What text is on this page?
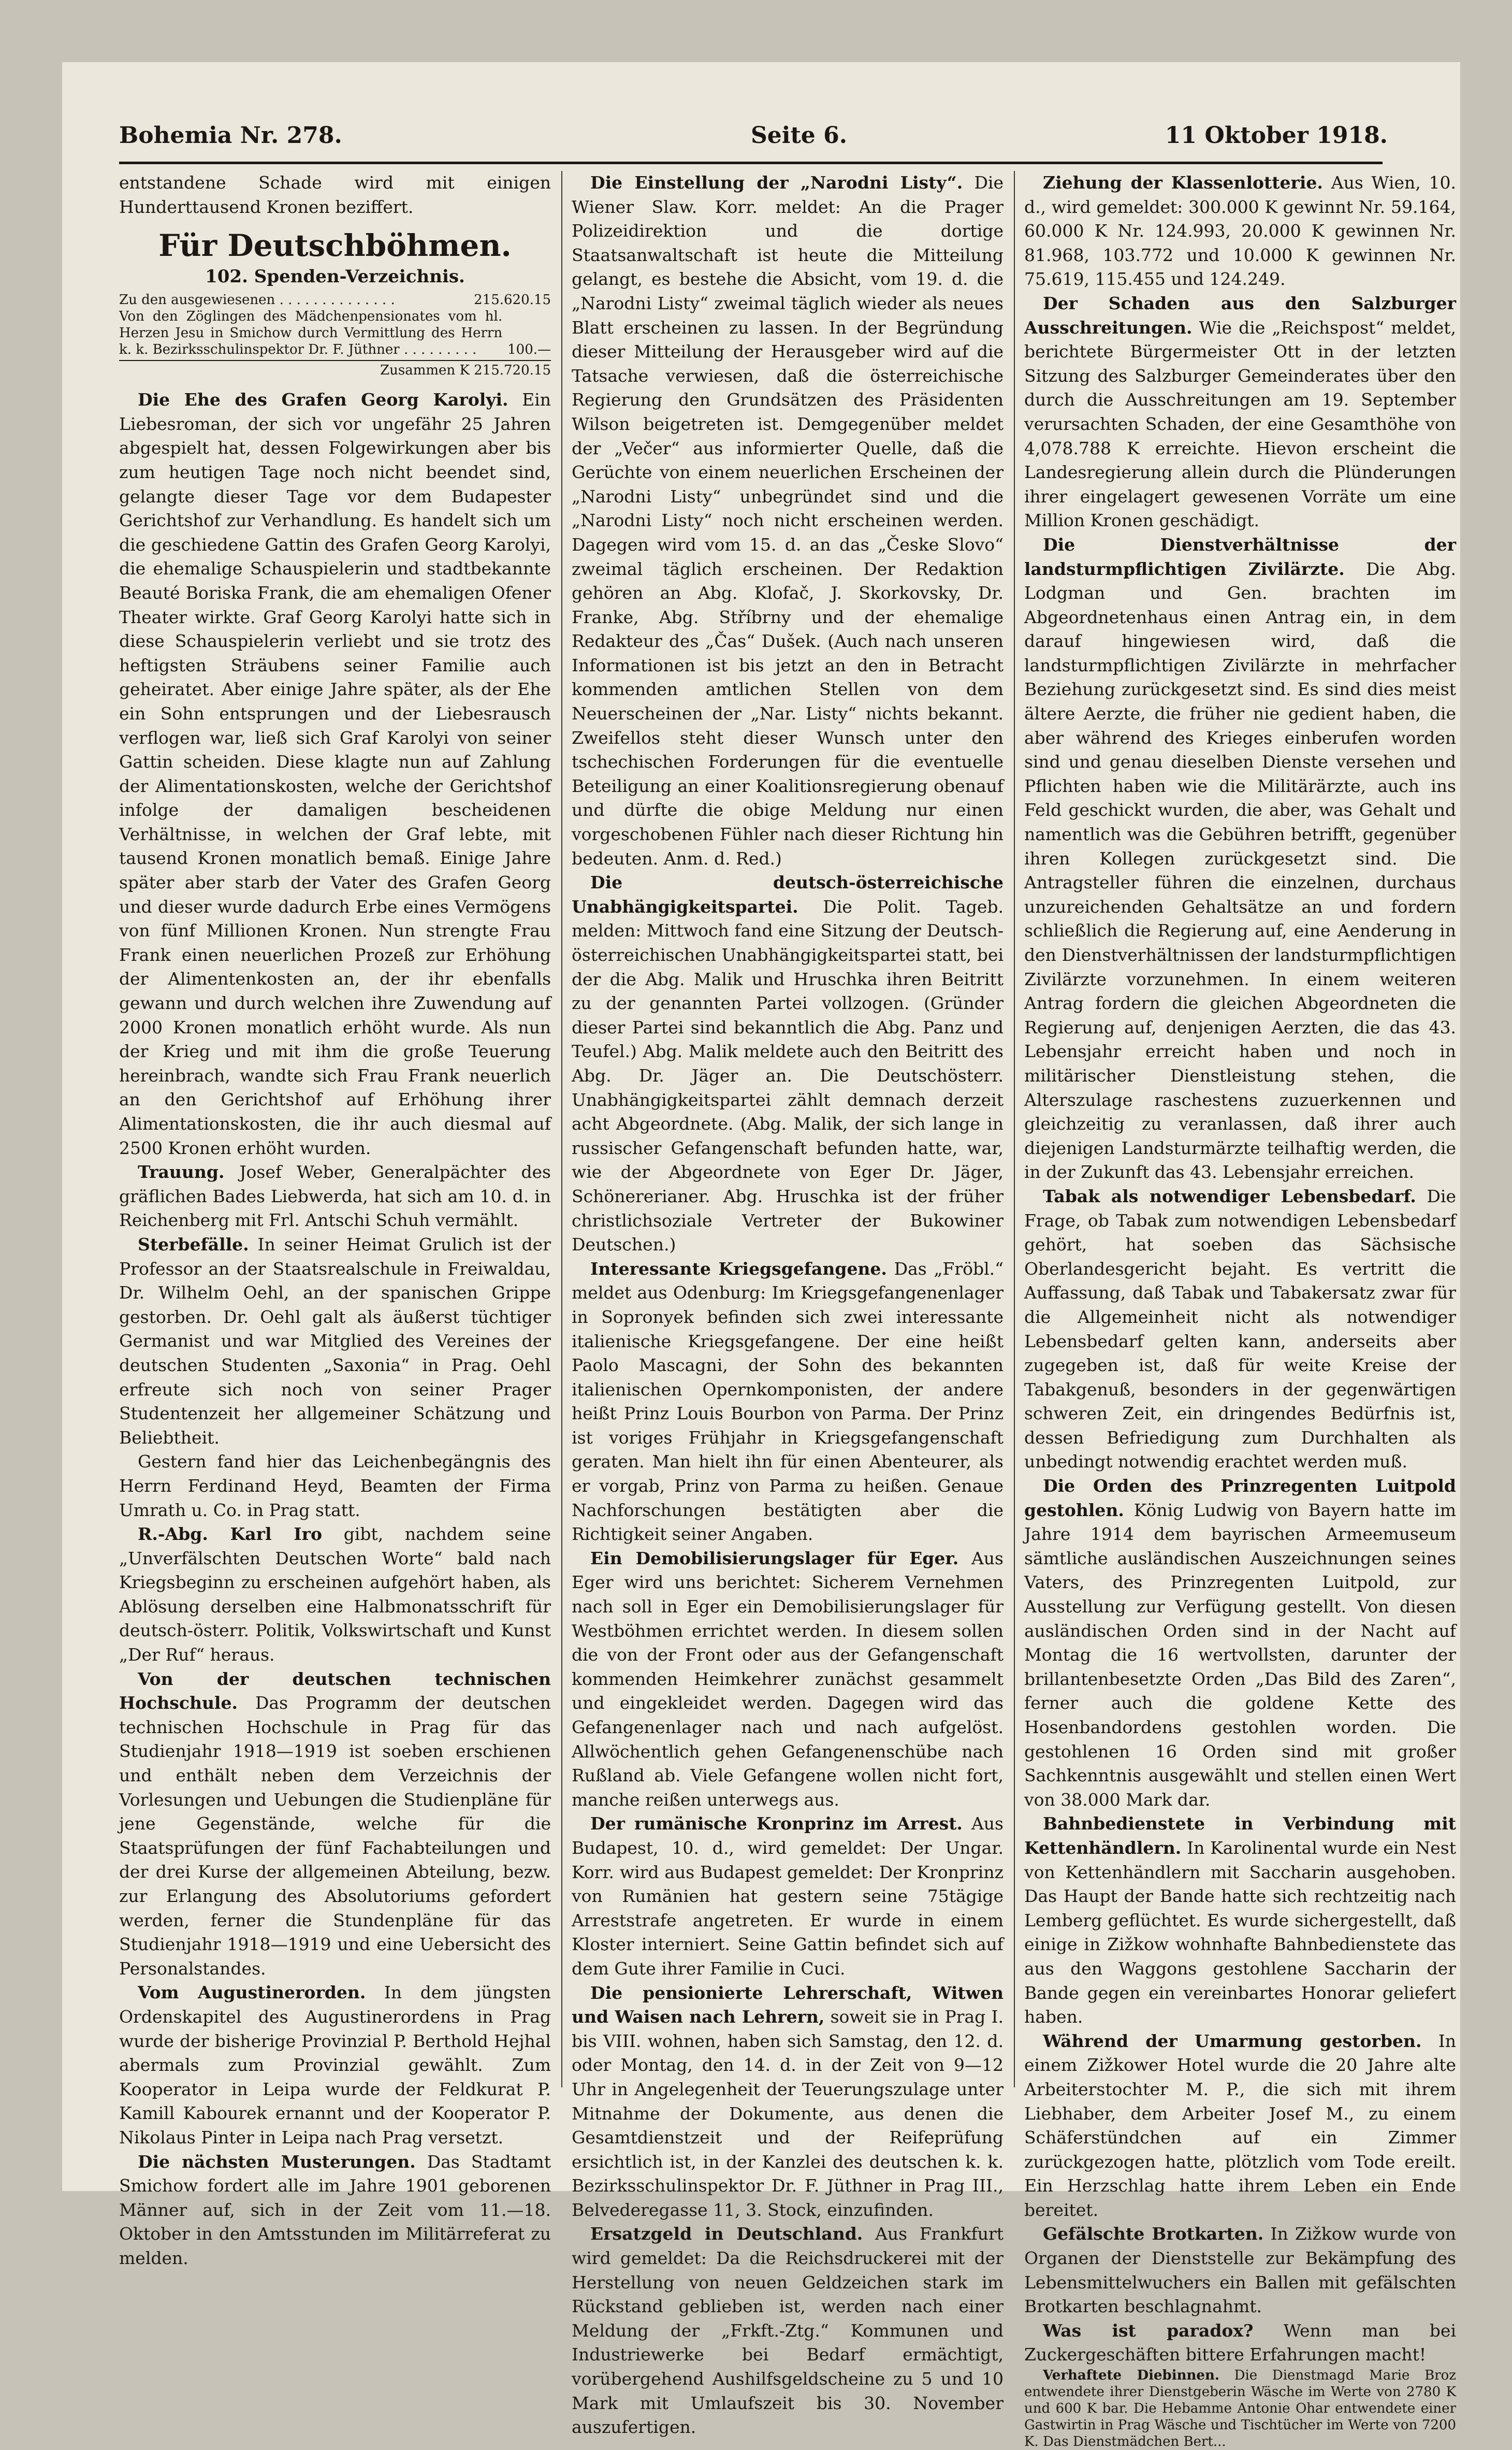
Bohemia Nr. 278.	Seite 6.	11 Oktober 1918.

entstandene Schade wird mit einigen Hunderttausend Kronen beziffert.

Für Deutschböhmen.
102. Spenden-Verzeichnis.
Zu den ausgewiesenen . . . . . . . . . . . . . .	215.620.15
Von den Zöglingen des Mädchenpensionates vom hl. Herzen Jesu in Smichow durch Vermittlung des Herrn k. k. Bezirksschulinspektor Dr. F. Jüthner . . . . . . . . .	100.—
Zusammen K 215.720.15

Die Ehe des Grafen Georg Karolyi. Ein Liebesroman, der sich vor ungefähr 25 Jahren abgespielt hat, dessen Folgewirkungen aber bis zum heutigen Tage noch nicht beendet sind, gelangte dieser Tage vor dem Budapester Gerichtshof zur Verhandlung. Es handelt sich um die geschiedene Gattin des Grafen Georg Karolyi, die ehemalige Schauspielerin und stadtbekannte Beauté Boriska Frank, die am ehemaligen Ofener Theater wirkte. Graf Georg Karolyi hatte sich in diese Schauspielerin verliebt und sie trotz des heftigsten Sträubens seiner Familie auch geheiratet. Aber einige Jahre später, als der Ehe ein Sohn entsprungen und der Liebesrausch verflogen war, ließ sich Graf Karolyi von seiner Gattin scheiden. Diese klagte nun auf Zahlung der Alimentationskosten, welche der Gerichtshof infolge der damaligen bescheidenen Verhältnisse, in welchen der Graf lebte, mit tausend Kronen monatlich bemaß. Einige Jahre später aber starb der Vater des Grafen Georg und dieser wurde dadurch Erbe eines Vermögens von fünf Millionen Kronen. Nun strengte Frau Frank einen neuerlichen Prozeß zur Erhöhung der Alimentenkosten an, der ihr ebenfalls gewann und durch welchen ihre Zuwendung auf 2000 Kronen monatlich erhöht wurde. Als nun der Krieg und mit ihm die große Teuerung hereinbrach, wandte sich Frau Frank neuerlich an den Gerichtshof auf Erhöhung ihrer Alimentationskosten, die ihr auch diesmal auf 2500 Kronen erhöht wurden.

Trauung. Josef Weber, Generalpächter des gräflichen Bades Liebwerda, hat sich am 10. d. in Reichenberg mit Frl. Antschi Schuh vermählt.

Sterbefälle. In seiner Heimat Grulich ist der Professor an der Staatsrealschule in Freiwaldau, Dr. Wilhelm Oehl, an der spanischen Grippe gestorben. Dr. Oehl galt als äußerst tüchtiger Germanist und war Mitglied des Vereines der deutschen Studenten „Saxonia“ in Prag. Oehl erfreute sich noch von seiner Prager Studentenzeit her allgemeiner Schätzung und Beliebtheit.

Gestern fand hier das Leichenbegängnis des Herrn Ferdinand Heyd, Beamten der Firma Umrath u. Co. in Prag statt.

R.-Abg. Karl Iro gibt, nachdem seine „Unverfälschten Deutschen Worte“ bald nach Kriegsbeginn zu erscheinen aufgehört haben, als Ablösung derselben eine Halbmonatsschrift für deutsch-österr. Politik, Volkswirtschaft und Kunst „Der Ruf“ heraus.

Von der deutschen technischen Hochschule. Das Programm der deutschen technischen Hochschule in Prag für das Studienjahr 1918—1919 ist soeben erschienen und enthält neben dem Verzeichnis der Vorlesungen und Uebungen die Studienpläne für jene Gegenstände, welche für die Staatsprüfungen der fünf Fachabteilungen und der drei Kurse der allgemeinen Abteilung, bezw. zur Erlangung des Absolutoriums gefordert werden, ferner die Stundenpläne für das Studienjahr 1918—1919 und eine Uebersicht des Personalstandes.

Vom Augustinerorden. In dem jüngsten Ordenskapitel des Augustinerordens in Prag wurde der bisherige Provinzial P. Berthold Hejhal abermals zum Provinzial gewählt. Zum Kooperator in Leipa wurde der Feldkurat P. Kamill Kabourek ernannt und der Kooperator P. Nikolaus Pinter in Leipa nach Prag versetzt.

Die nächsten Musterungen. Das Stadtamt Smichow fordert alle im Jahre 1901 geborenen Männer auf, sich in der Zeit vom 11.—18. Oktober in den Amtsstunden im Militärreferat zu melden.

Die Einstellung der „Narodni Listy“. Die Wiener Slaw. Korr. meldet: An die Prager Polizeidirektion und die dortige Staatsanwaltschaft ist heute die Mitteilung gelangt, es bestehe die Absicht, vom 19. d. die „Narodni Listy“ zweimal täglich wieder als neues Blatt erscheinen zu lassen. In der Begründung dieser Mitteilung der Herausgeber wird auf die Tatsache verwiesen, daß die österreichische Regierung den Grundsätzen des Präsidenten Wilson beigetreten ist. Demgegenüber meldet der „Večer“ aus informierter Quelle, daß die Gerüchte von einem neuerlichen Erscheinen der „Narodni Listy“ unbegründet sind und die „Narodni Listy“ noch nicht erscheinen werden. Dagegen wird vom 15. d. an das „Česke Slovo“ zweimal täglich erscheinen. Der Redaktion gehören an Abg. Klofač, J. Skorkovsky, Dr. Franke, Abg. Stříbrny und der ehemalige Redakteur des „Čas“ Dušek. (Auch nach unseren Informationen ist bis jetzt an den in Betracht kommenden amtlichen Stellen von dem Neuerscheinen der „Nar. Listy“ nichts bekannt. Zweifellos steht dieser Wunsch unter den tschechischen Forderungen für die eventuelle Beteiligung an einer Koalitionsregierung obenauf und dürfte die obige Meldung nur einen vorgeschobenen Fühler nach dieser Richtung hin bedeuten. Anm. d. Red.)

Die deutsch-österreichische Unabhängigkeitspartei. Die Polit. Tageb. melden: Mittwoch fand eine Sitzung der Deutsch-österreichischen Unabhängigkeitspartei statt, bei der die Abg. Malik und Hruschka ihren Beitritt zu der genannten Partei vollzogen. (Gründer dieser Partei sind bekanntlich die Abg. Panz und Teufel.) Abg. Malik meldete auch den Beitritt des Abg. Dr. Jäger an. Die Deutschösterr. Unabhängigkeitspartei zählt demnach derzeit acht Abgeordnete. (Abg. Malik, der sich lange in russischer Gefangenschaft befunden hatte, war, wie der Abgeordnete von Eger Dr. Jäger, Schönererianer. Abg. Hruschka ist der früher christlichsoziale Vertreter der Bukowiner Deutschen.)

Interessante Kriegsgefangene. Das „Fröbl.“ meldet aus Odenburg: Im Kriegsgefangenenlager in Sopronyek befinden sich zwei interessante italienische Kriegsgefangene. Der eine heißt Paolo Mascagni, der Sohn des bekannten italienischen Opernkomponisten, der andere heißt Prinz Louis Bourbon von Parma. Der Prinz ist voriges Frühjahr in Kriegsgefangenschaft geraten. Man hielt ihn für einen Abenteurer, als er vorgab, Prinz von Parma zu heißen. Genaue Nachforschungen bestätigten aber die Richtigkeit seiner Angaben.

Ein Demobilisierungslager für Eger. Aus Eger wird uns berichtet: Sicherem Vernehmen nach soll in Eger ein Demobilisierungslager für Westböhmen errichtet werden. In diesem sollen die von der Front oder aus der Gefangenschaft kommenden Heimkehrer zunächst gesammelt und eingekleidet werden. Dagegen wird das Gefangenenlager nach und nach aufgelöst. Allwöchentlich gehen Gefangenenschübe nach Rußland ab. Viele Gefangene wollen nicht fort, manche reißen unterwegs aus.

Der rumänische Kronprinz im Arrest. Aus Budapest, 10. d., wird gemeldet: Der Ungar. Korr. wird aus Budapest gemeldet: Der Kronprinz von Rumänien hat gestern seine 75tägige Arreststrafe angetreten. Er wurde in einem Kloster interniert. Seine Gattin befindet sich auf dem Gute ihrer Familie in Cuci.

Die pensionierte Lehrerschaft, Witwen und Waisen nach Lehrern, soweit sie in Prag I. bis VIII. wohnen, haben sich Samstag, den 12. d. oder Montag, den 14. d. in der Zeit von 9—12 Uhr in Angelegenheit der Teuerungszulage unter Mitnahme der Dokumente, aus denen die Gesamtdienstzeit und der Reifeprüfung ersichtlich ist, in der Kanzlei des deutschen k. k. Bezirksschulinspektor Dr. F. Jüthner in Prag III., Belvederegasse 11, 3. Stock, einzufinden.

Ersatzgeld in Deutschland. Aus Frankfurt wird gemeldet: Da die Reichsdruckerei mit der Herstellung von neuen Geldzeichen stark im Rückstand geblieben ist, werden nach einer Meldung der „Frkft.-Ztg.“ Kommunen und Industriewerke bei Bedarf ermächtigt, vorübergehend Aushilfsgeldscheine zu 5 und 10 Mark mit Umlaufszeit bis 30. November auszufertigen.

Ziehung der Klassenlotterie. Aus Wien, 10. d., wird gemeldet: 300.000 K gewinnt Nr. 59.164, 60.000 K Nr. 124.993, 20.000 K gewinnen Nr. 81.968, 103.772 und 10.000 K gewinnen Nr. 75.619, 115.455 und 124.249.

Der Schaden aus den Salzburger Ausschreitungen. Wie die „Reichspost“ meldet, berichtete Bürgermeister Ott in der letzten Sitzung des Salzburger Gemeinderates über den durch die Ausschreitungen am 19. September verursachten Schaden, der eine Gesamthöhe von 4,078.788 K erreichte. Hievon erscheint die Landesregierung allein durch die Plünderungen ihrer eingelagert gewesenen Vorräte um eine Million Kronen geschädigt.

Die Dienstverhältnisse der landsturmpflichtigen Zivilärzte. Die Abg. Lodgman und Gen. brachten im Abgeordnetenhaus einen Antrag ein, in dem darauf hingewiesen wird, daß die landsturmpflichtigen Zivilärzte in mehrfacher Beziehung zurückgesetzt sind. Es sind dies meist ältere Aerzte, die früher nie gedient haben, die aber während des Krieges einberufen worden sind und genau dieselben Dienste versehen und Pflichten haben wie die Militärärzte, auch ins Feld geschickt wurden, die aber, was Gehalt und namentlich was die Gebühren betrifft, gegenüber ihren Kollegen zurückgesetzt sind. Die Antragsteller führen die einzelnen, durchaus unzureichenden Gehaltsätze an und fordern schließlich die Regierung auf, eine Aenderung in den Dienstverhältnissen der landsturmpflichtigen Zivilärzte vorzunehmen. In einem weiteren Antrag fordern die gleichen Abgeordneten die Regierung auf, denjenigen Aerzten, die das 43. Lebensjahr erreicht haben und noch in militärischer Dienstleistung stehen, die Alterszulage raschestens zuzuerkennen und gleichzeitig zu veranlassen, daß ihrer auch diejenigen Landsturmärzte teilhaftig werden, die in der Zukunft das 43. Lebensjahr erreichen.

Tabak als notwendiger Lebensbedarf. Die Frage, ob Tabak zum notwendigen Lebensbedarf gehört, hat soeben das Sächsische Oberlandesgericht bejaht. Es vertritt die Auffassung, daß Tabak und Tabakersatz zwar für die Allgemeinheit nicht als notwendiger Lebensbedarf gelten kann, anderseits aber zugegeben ist, daß für weite Kreise der Tabakgenuß, besonders in der gegenwärtigen schweren Zeit, ein dringendes Bedürfnis ist, dessen Befriedigung zum Durchhalten als unbedingt notwendig erachtet werden muß.

Die Orden des Prinzregenten Luitpold gestohlen. König Ludwig von Bayern hatte im Jahre 1914 dem bayrischen Armeemuseum sämtliche ausländischen Auszeichnungen seines Vaters, des Prinzregenten Luitpold, zur Ausstellung zur Verfügung gestellt. Von diesen ausländischen Orden sind in der Nacht auf Montag die 16 wertvollsten, darunter der brillantenbesetzte Orden „Das Bild des Zaren“, ferner auch die goldene Kette des Hosenbandordens gestohlen worden. Die gestohlenen 16 Orden sind mit großer Sachkenntnis ausgewählt und stellen einen Wert von 38.000 Mark dar.

Bahnbedienstete in Verbindung mit Kettenhändlern. In Karolinental wurde ein Nest von Kettenhändlern mit Saccharin ausgehoben. Das Haupt der Bande hatte sich rechtzeitig nach Lemberg geflüchtet. Es wurde sichergestellt, daß einige in Zižkow wohnhafte Bahnbedienstete das aus den Waggons gestohlene Saccharin der Bande gegen ein vereinbartes Honorar geliefert haben.

Während der Umarmung gestorben. In einem Zižkower Hotel wurde die 20 Jahre alte Arbeiterstochter M. P., die sich mit ihrem Liebhaber, dem Arbeiter Josef M., zu einem Schäferstündchen auf ein Zimmer zurückgezogen hatte, plötzlich vom Tode ereilt. Ein Herzschlag hatte ihrem Leben ein Ende bereitet.

Gefälschte Brotkarten. In Zižkow wurde von Organen der Dienststelle zur Bekämpfung des Lebensmittelwuchers ein Ballen mit gefälschten Brotkarten beschlagnahmt.

Was ist paradox? Wenn man bei Zuckergeschäften bittere Erfahrungen macht!

Verhaftete Diebinnen. Die Dienstmagd Marie Broz entwendete ihrer Dienstgeberin Wäsche im Werte von 2780 K und 600 K bar. Die Hebamme Antonie Ohar entwendete einer Gastwirtin in Prag Wäsche und Tischtücher im Werte von 7200 K. Das Dienstmädchen Bert...
